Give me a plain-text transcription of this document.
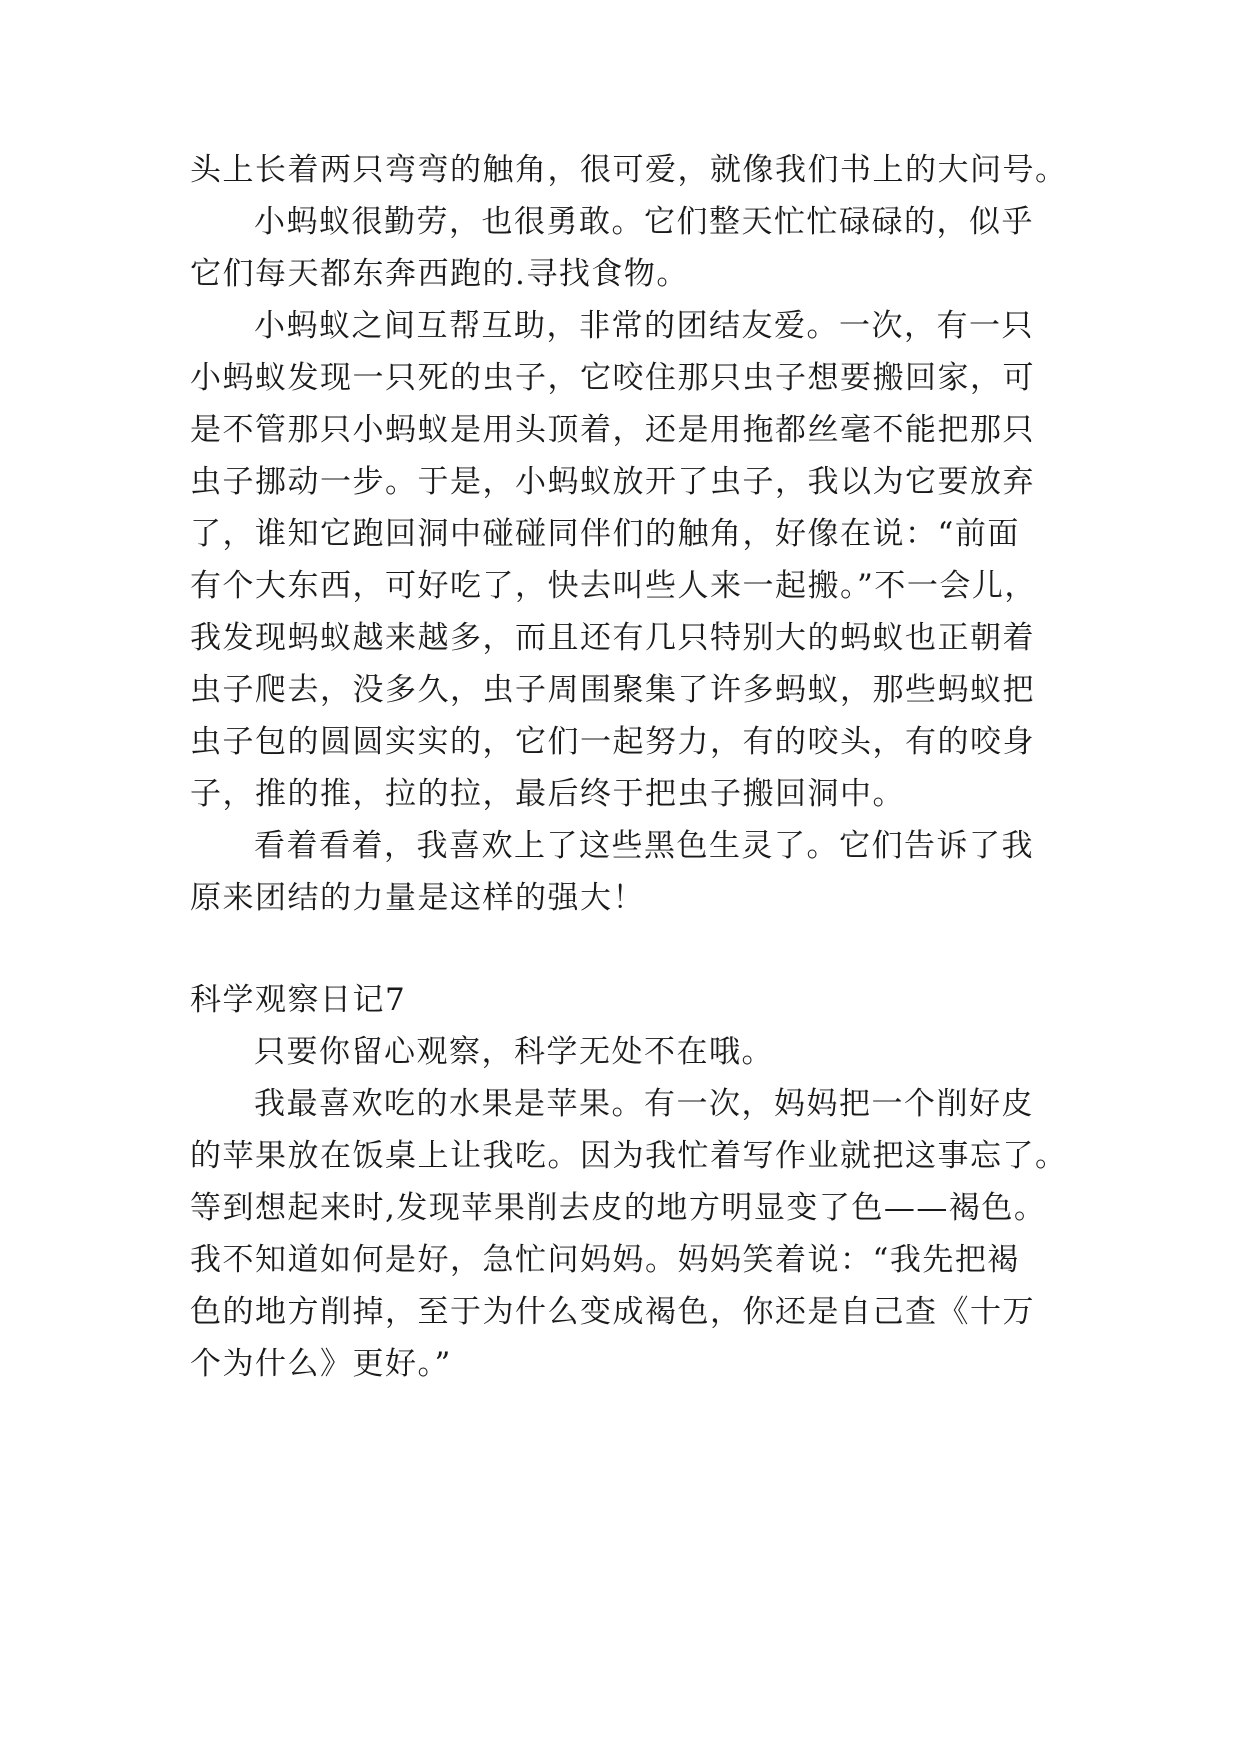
头上长着两只弯弯的触角，很可爱，就像我们书上的大问号。
小蚂蚁很勤劳，也很勇敢。它们整天忙忙碌碌的，似乎
它们每天都东奔西跑的.寻找食物。
小蚂蚁之间互帮互助，非常的团结友爱。一次，有一只
小蚂蚁发现一只死的虫子，它咬住那只虫子想要搬回家，可
是不管那只小蚂蚁是用头顶着，还是用拖都丝毫不能把那只
虫子挪动一步。于是，小蚂蚁放开了虫子，我以为它要放弃
了，谁知它跑回洞中碰碰同伴们的触角，好像在说：“前面
有个大东西，可好吃了，快去叫些人来一起搬。”不一会儿，
我发现蚂蚁越来越多，而且还有几只特别大的蚂蚁也正朝着
虫子爬去，没多久，虫子周围聚集了许多蚂蚁，那些蚂蚁把
虫子包的圆圆实实的，它们一起努力，有的咬头，有的咬身
子，推的推，拉的拉，最后终于把虫子搬回洞中。
看着看着，我喜欢上了这些黑色生灵了。它们告诉了我
原来团结的力量是这样的强大！
科学观察日记7
只要你留心观察，科学无处不在哦。
我最喜欢吃的水果是苹果。有一次，妈妈把一个削好皮
的苹果放在饭桌上让我吃。因为我忙着写作业就把这事忘了。
等到想起来时,发现苹果削去皮的地方明显变了色——褐色。
我不知道如何是好，急忙问妈妈。妈妈笑着说：“我先把褐
色的地方削掉，至于为什么变成褐色，你还是自己查《十万
个为什么》更好。”
